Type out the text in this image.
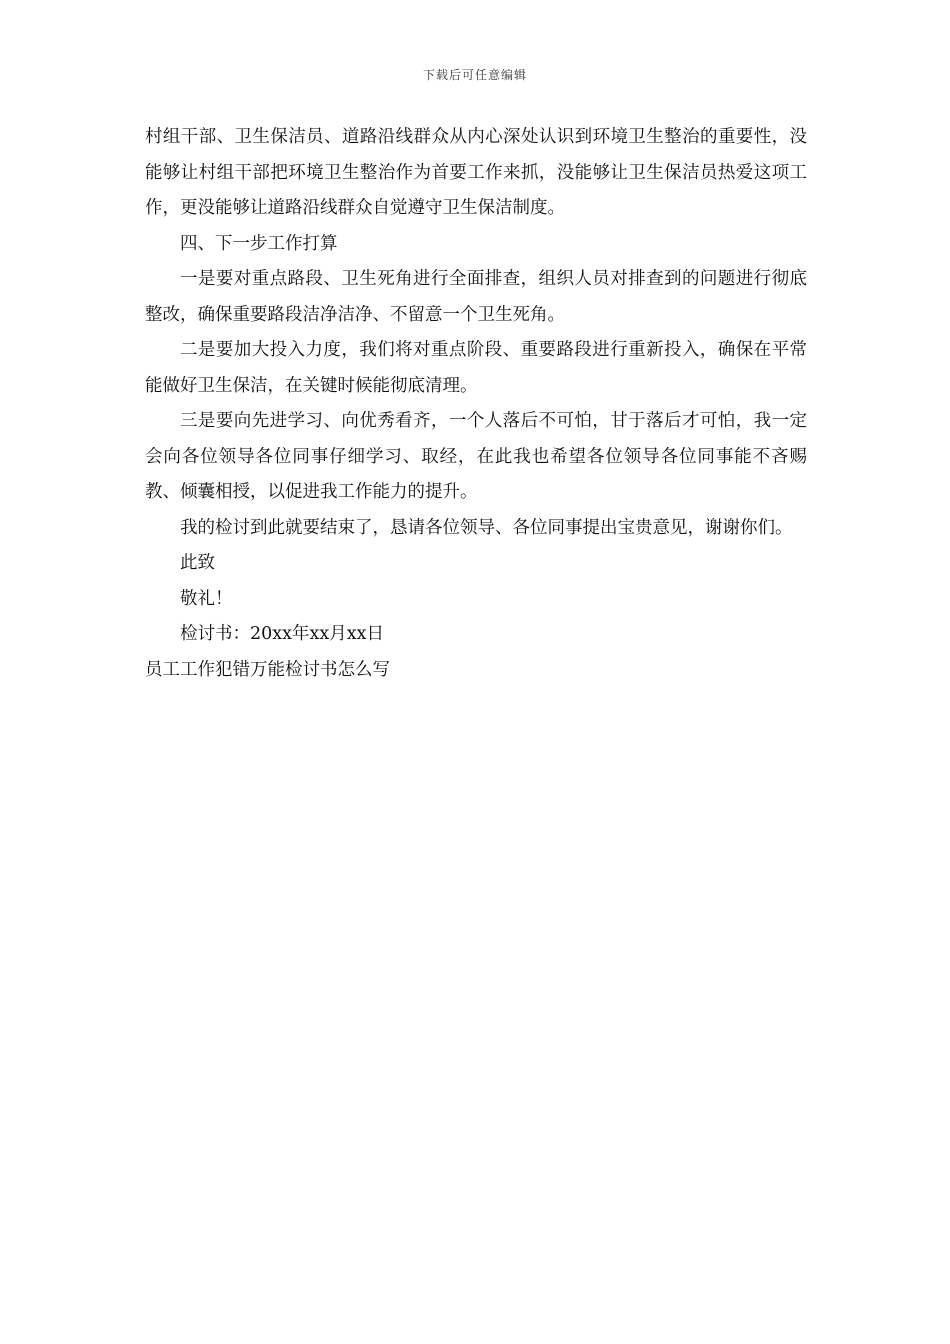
下载后可任意编辑

村组干部、卫生保洁员、道路沿线群众从内心深处认识到环境卫生整治的重要性，没能够让村组干部把环境卫生整治作为首要工作来抓，没能够让卫生保洁员热爱这项工作，更没能够让道路沿线群众自觉遵守卫生保洁制度。

四、下一步工作打算

一是要对重点路段、卫生死角进行全面排查，组织人员对排查到的问题进行彻底整改，确保重要路段洁净洁净、不留意一个卫生死角。

二是要加大投入力度，我们将对重点阶段、重要路段进行重新投入，确保在平常能做好卫生保洁，在关键时候能彻底清理。

三是要向先进学习、向优秀看齐，一个人落后不可怕，甘于落后才可怕，我一定会向各位领导各位同事仔细学习、取经，在此我也希望各位领导各位同事能不吝赐教、倾囊相授，以促进我工作能力的提升。

我的检讨到此就要结束了，恳请各位领导、各位同事提出宝贵意见，谢谢你们。

此致

敬礼！

检讨书：20xx年xx月xx日

员工工作犯错万能检讨书怎么写
